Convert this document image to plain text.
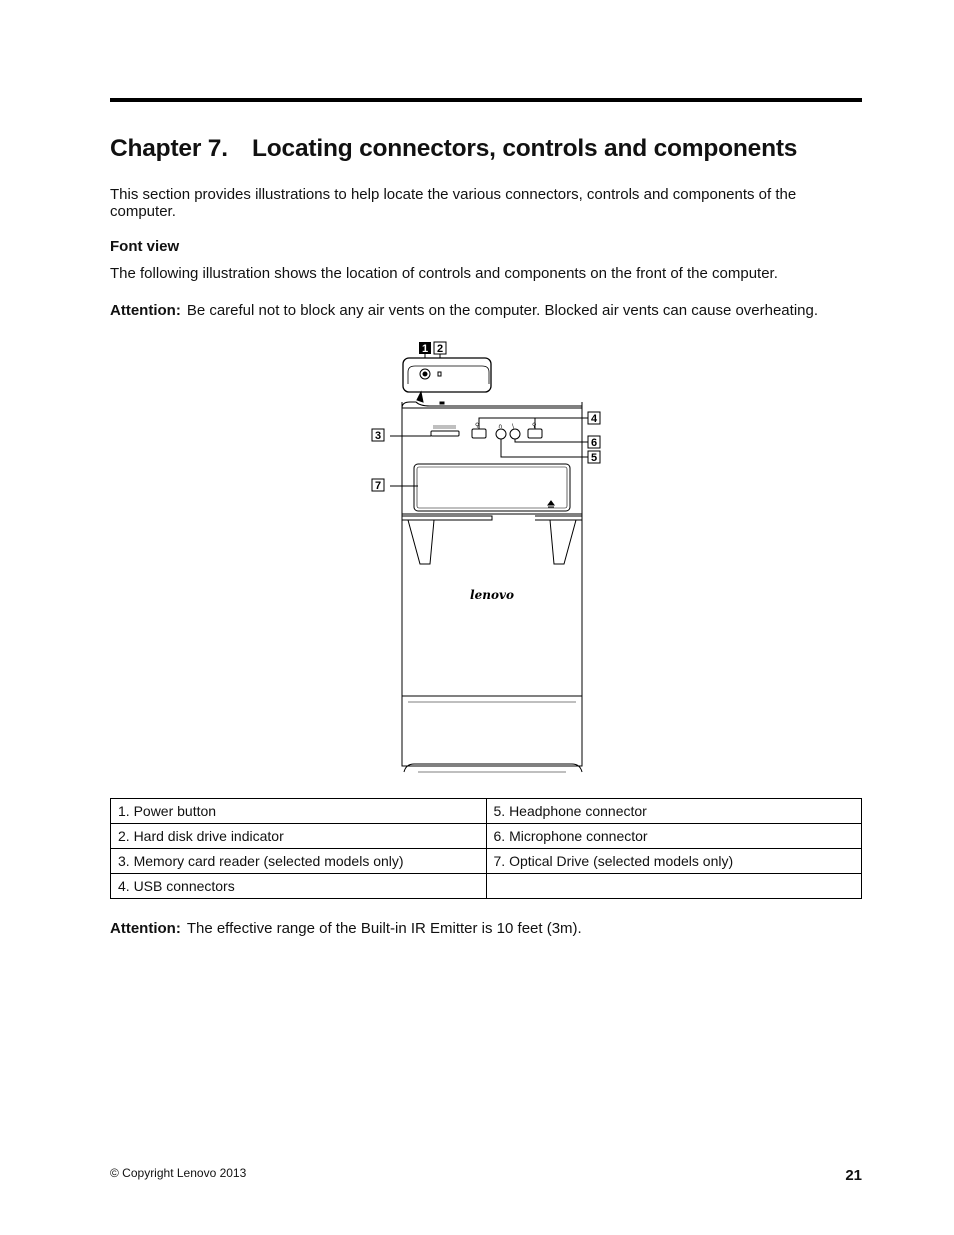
Chapter 7. Locating connectors, controls and components

This section provides illustrations to help locate the various connectors, controls and components of the computer.

Font view

The following illustration shows the location of controls and components on the front of the computer.

Attention: Be careful not to block any air vents on the computer. Blocked air vents can cause overheating.

⚲	⚲
∩ \
lenovo
1 2
3
4
5
6
7
1. Power button	5. Headphone connector
2. Hard disk drive indicator	6. Microphone connector
3. Memory card reader (selected models only)	7. Optical Drive (selected models only)
4. USB connectors	

Attention: The effective range of the Built-in IR Emitter is 10 feet (3m).

© Copyright Lenovo 2013	21
